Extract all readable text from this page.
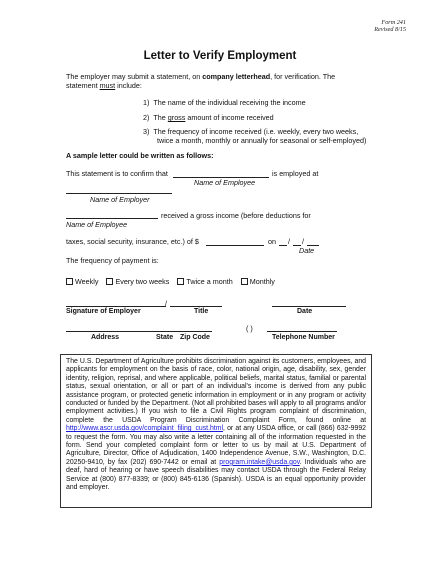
Form 241
Revised 8/15
Letter to Verify Employment
The employer may submit a statement, on company letterhead, for verification. The
statement must include:
1) The name of the individual receiving the income
2) The gross amount of income received
3) The frequency of income received (i.e. weekly, every two weeks,
twice a month, monthly or annually for seasonal or self-employed)
A sample letter could be written as follows:
This statement is to confirm that	is employed at
Name of Employee
Name of Employer
received a gross income (before deductions for
Name of Employee
taxes, social security, insurance, etc.) of $	on / /
Date
The frequency of payment is:
Weekly Every two weeks Twice a month Monthly
/
Signature of Employer	Title	Date
( )
Address	State Zip Code	Telephone Number
The U.S. Department of Agriculture prohibits discrimination against its customers, employees, and applicants for employment on the basis of race, color, national origin, age, disability, sex, gender identity, religion, reprisal, and where applicable, political beliefs, marital status, familial or parental status, sexual orientation, or all or part of an individual's income is derived from any public assistance program, or protected genetic information in employment or in any program or activity conducted or funded by the Department. (Not all prohibited bases will apply to all programs and/or employment activities.) If you wish to file a Civil Rights program complaint of discrimination, complete the USDA Program Discrimination Complaint Form, found online at http://www.ascr.usda.gov/complaint_filing_cust.html, or at any USDA office, or call (866) 632-9992 to request the form. You may also write a letter containing all of the information requested in the form. Send your completed complaint form or letter to us by mail at U.S. Department of Agriculture, Director, Office of Adjudication, 1400 Independence Avenue, S.W., Washington, D.C. 20250-9410, by fax (202) 690-7442 or email at program.intake@usda.gov. Individuals who are deaf, hard of hearing or have speech disabilities may contact USDA through the Federal Relay Service at (800) 877-8339; or (800) 845-6136 (Spanish). USDA is an equal opportunity provider and employer.
